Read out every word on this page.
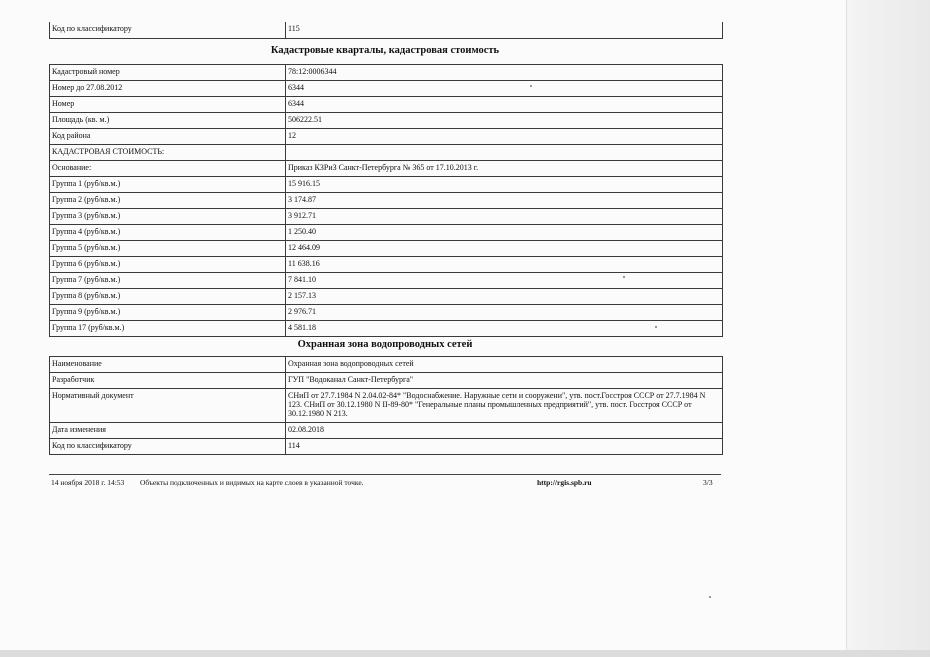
Код по классификатору	115
Кадастровые кварталы, кадастровая стоимость
Кадастровый номер	78:12:0006344
Номер до 27.08.2012	6344
Номер	6344
Площадь (кв. м.)	506222.51
Код района	12
КАДАСТРОВАЯ СТОИМОСТЬ:	
Основание:	Приказ КЗРиЗ Санкт-Петербурга № 365 от 17.10.2013 г.
Группа 1 (руб/кв.м.)	15 916.15
Группа 2 (руб/кв.м.)	3 174.87
Группа 3 (руб/кв.м.)	3 912.71
Группа 4 (руб/кв.м.)	1 250.40
Группа 5 (руб/кв.м.)	12 464.09
Группа 6 (руб/кв.м.)	11 638.16
Группа 7 (руб/кв.м.)	7 841.10
Группа 8 (руб/кв.м.)	2 157.13
Группа 9 (руб/кв.м.)	2 976.71
Группа 17 (руб/кв.м.)	4 581.18
Охранная зона водопроводных сетей
Наименование	Охранная зона водопроводных сетей
Разработчик	ГУП "Водоканал Санкт-Петербурга"
Нормативный документ	СНиП от 27.7.1984 N 2.04.02-84* "Водоснабжение. Наружные сети и сооружени", утв. пост.Госстроя СССР от 27.7.1984 N 123. СНиП от 30.12.1980 N II-89-80* "Генеральные планы промышленных предприятий", утв. пост. Госстроя СССР от 30.12.1980 N 213.
Дата изменения	02.08.2018
Код по классификатору	114
14 ноября 2018 г. 14:53 Объекты подключенных и видимых на карте слоев в указанной точке.	http://rgis.spb.ru	3/3
